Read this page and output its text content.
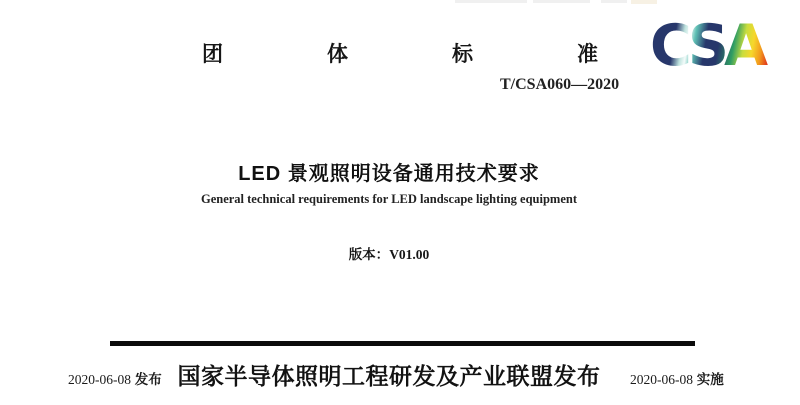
团	体	标	准 CSA
T/CSA060—2020
LED 景观照明设备通用技术要求
General technical requirements for LED landscape lighting equipment
版本：V01.00
2020-06-08 发布 国家半导体照明工程研发及产业联盟发布	2020-06-08 实施
